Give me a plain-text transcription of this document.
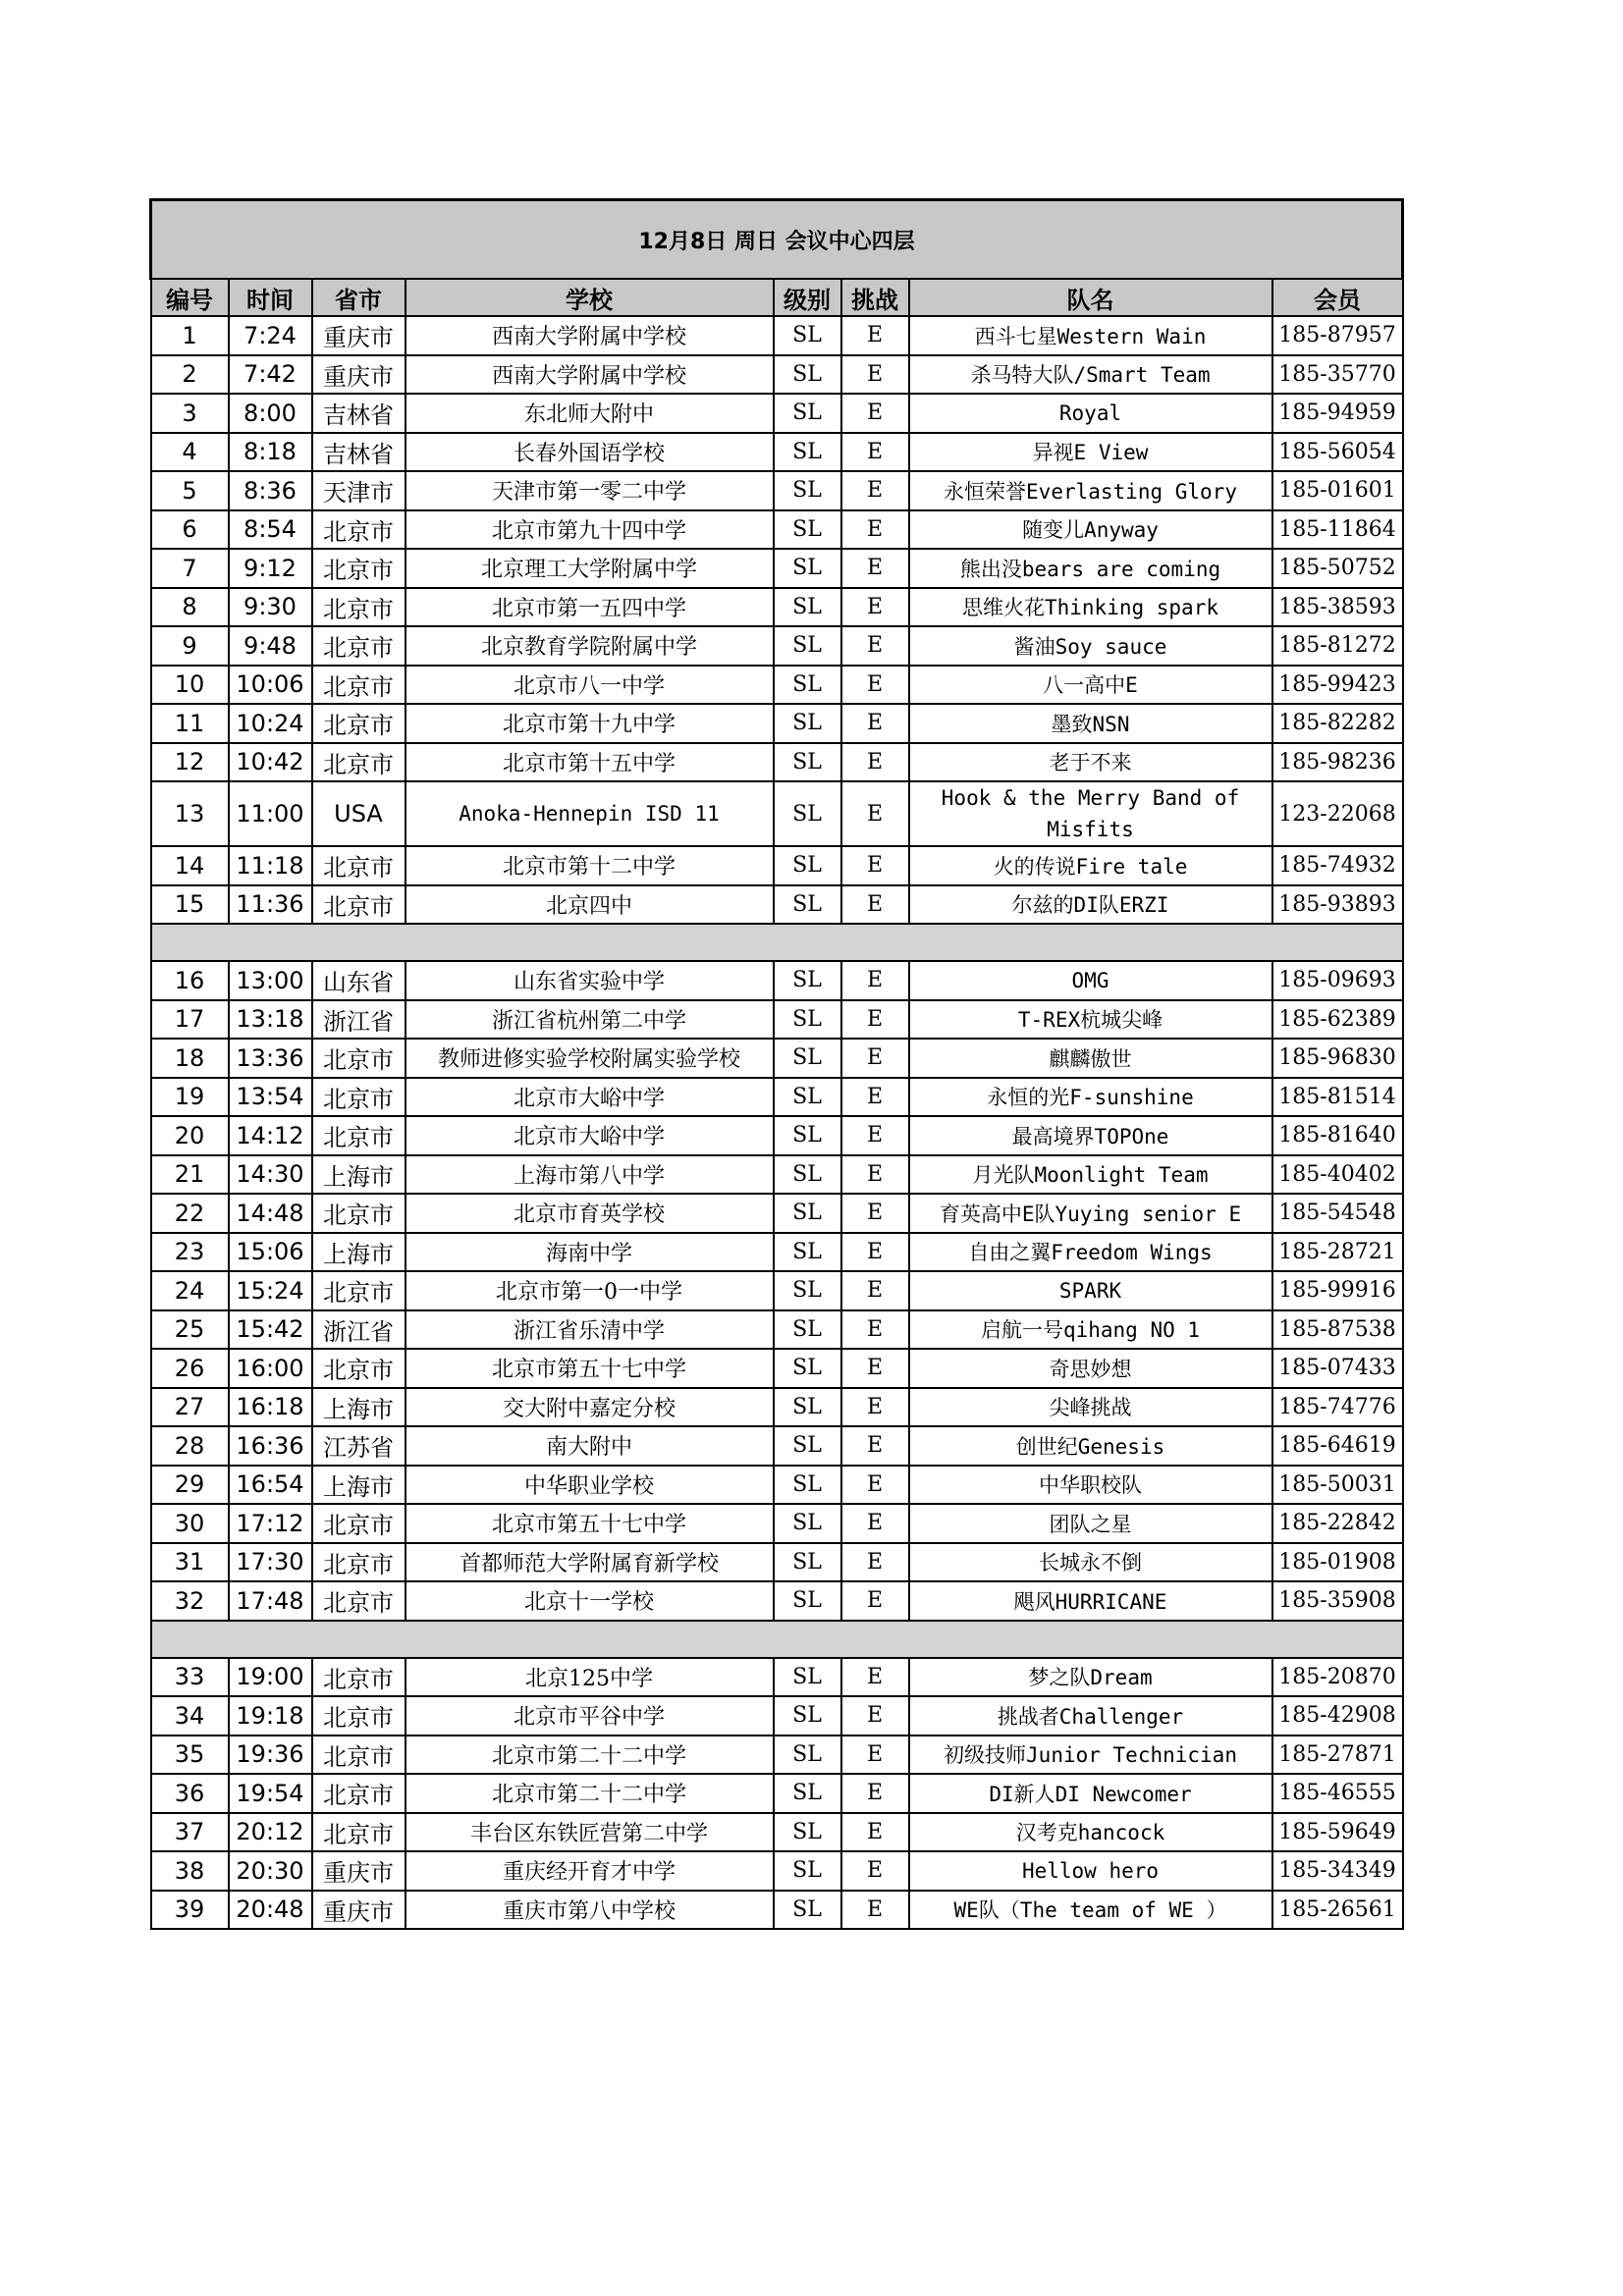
12月8日 周日 会议中心四层							
编号	时间	省市	学校	级别	挑战	队名	会员
1	7:24	重庆市	西南大学附属中学校	SL	E	西斗七星Western Wain	185-87957
2	7:42	重庆市	西南大学附属中学校	SL	E	杀马特大队/Smart Team	185-35770
3	8:00	吉林省	东北师大附中	SL	E	Royal	185-94959
4	8:18	吉林省	长春外国语学校	SL	E	异视E View	185-56054
5	8:36	天津市	天津市第一零二中学	SL	E	永恒荣誉Everlasting Glory	185-01601
6	8:54	北京市	北京市第九十四中学	SL	E	随变儿Anyway	185-11864
7	9:12	北京市	北京理工大学附属中学	SL	E	熊出没bears are coming	185-50752
8	9:30	北京市	北京市第一五四中学	SL	E	思维火花Thinking spark	185-38593
9	9:48	北京市	北京教育学院附属中学	SL	E	酱油Soy sauce	185-81272
10	10:06	北京市	北京市八一中学	SL	E	八一高中E	185-99423
11	10:24	北京市	北京市第十九中学	SL	E	墨致NSN	185-82282
12	10:42	北京市	北京市第十五中学	SL	E	老于不来	185-98236
13	11:00	USA	Anoka-Hennepin ISD 11	SL	E	Hook & the Merry Band of Misfits	123-22068
14	11:18	北京市	北京市第十二中学	SL	E	火的传说Fire tale	185-74932
15	11:36	北京市	北京四中	SL	E	尔兹的DI队ERZI	185-93893

16	13:00	山东省	山东省实验中学	SL	E	OMG	185-09693
17	13:18	浙江省	浙江省杭州第二中学	SL	E	T-REX杭城尖峰	185-62389
18	13:36	北京市	教师进修实验学校附属实验学校	SL	E	麒麟傲世	185-96830
19	13:54	北京市	北京市大峪中学	SL	E	永恒的光F-sunshine	185-81514
20	14:12	北京市	北京市大峪中学	SL	E	最高境界TOPOne	185-81640
21	14:30	上海市	上海市第八中学	SL	E	月光队Moonlight Team	185-40402
22	14:48	北京市	北京市育英学校	SL	E	育英高中E队Yuying senior E	185-54548
23	15:06	上海市	海南中学	SL	E	自由之翼Freedom Wings	185-28721
24	15:24	北京市	北京市第一0一中学	SL	E	SPARK	185-99916
25	15:42	浙江省	浙江省乐清中学	SL	E	启航一号qihang NO 1	185-87538
26	16:00	北京市	北京市第五十七中学	SL	E	奇思妙想	185-07433
27	16:18	上海市	交大附中嘉定分校	SL	E	尖峰挑战	185-74776
28	16:36	江苏省	南大附中	SL	E	创世纪Genesis	185-64619
29	16:54	上海市	中华职业学校	SL	E	中华职校队	185-50031
30	17:12	北京市	北京市第五十七中学	SL	E	团队之星	185-22842
31	17:30	北京市	首都师范大学附属育新学校	SL	E	长城永不倒	185-01908
32	17:48	北京市	北京十一学校	SL	E	飓风HURRICANE	185-35908

33	19:00	北京市	北京125中学	SL	E	梦之队Dream	185-20870
34	19:18	北京市	北京市平谷中学	SL	E	挑战者Challenger	185-42908
35	19:36	北京市	北京市第二十二中学	SL	E	初级技师Junior Technician	185-27871
36	19:54	北京市	北京市第二十二中学	SL	E	DI新人DI Newcomer	185-46555
37	20:12	北京市	丰台区东铁匠营第二中学	SL	E	汉考克hancock	185-59649
38	20:30	重庆市	重庆经开育才中学	SL	E	Hellow hero	185-34349
39	20:48	重庆市	重庆市第八中学校	SL	E	WE队（The team of WE ）	185-26561
